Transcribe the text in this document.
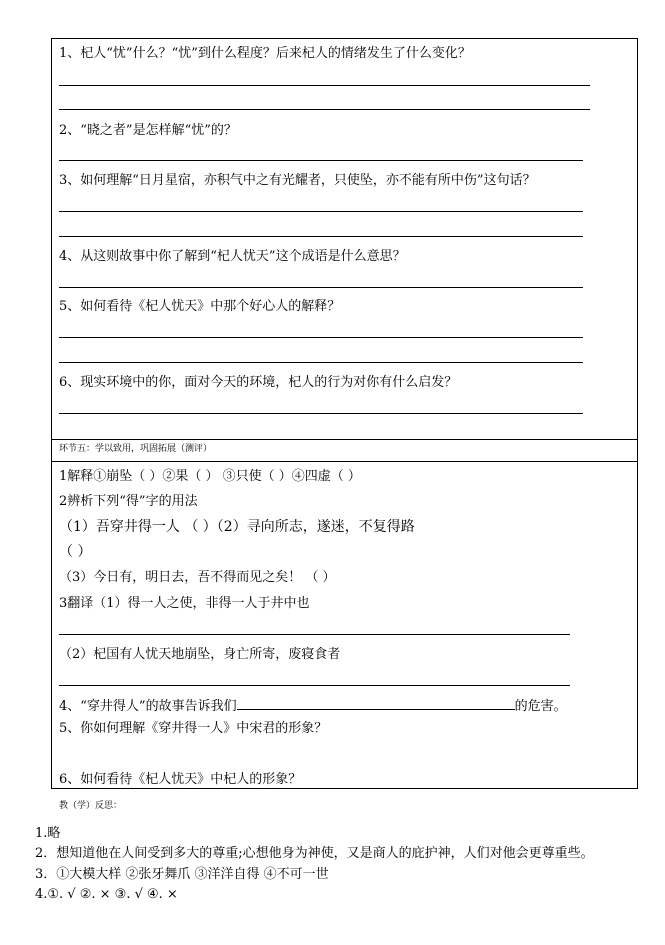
1、杞人“忧”什么？“忧”到什么程度？后来杞人的情绪发生了什么变化？
2、“晓之者”是怎样解“忧”的？
3、如何理解“日月星宿，亦积气中之有光耀者，只使坠，亦不能有所中伤”这句话？
4、从这则故事中你了解到“杞人忧天”这个成语是什么意思？
5、如何看待《杞人忧天》中那个好心人的解释？
6、现实环境中的你，面对今天的环境，杞人的行为对你有什么启发？
环节五：学以致用，巩固拓展（测评）
1解释①崩坠（ ）②果（ ） ③只使（ ）④四虚（ ）
2辨析下列“得”字的用法
（1）吾穿井得一人 （ ）（2）寻向所志，遂迷，不复得路
（ ）
（3）今日有，明日去，吾不得而见之矣！ （ ）
3翻译（1）得一人之使，非得一人于井中也
（2）杞国有人忧天地崩坠，身亡所寄，废寝食者
4、“穿井得人”的故事告诉我们	的危害。
5、你如何理解《穿井得一人》中宋君的形象？
6、如何看待《杞人忧天》中杞人的形象？
教（学）反思：
1.略
2．想知道他在人间受到多大的尊重;心想他身为神使，又是商人的庇护神，人们对他会更尊重些。
3．①大模大样 ②张牙舞爪 ③洋洋自得 ④不可一世
4.①. √ ②. × ③. √ ④. ×
